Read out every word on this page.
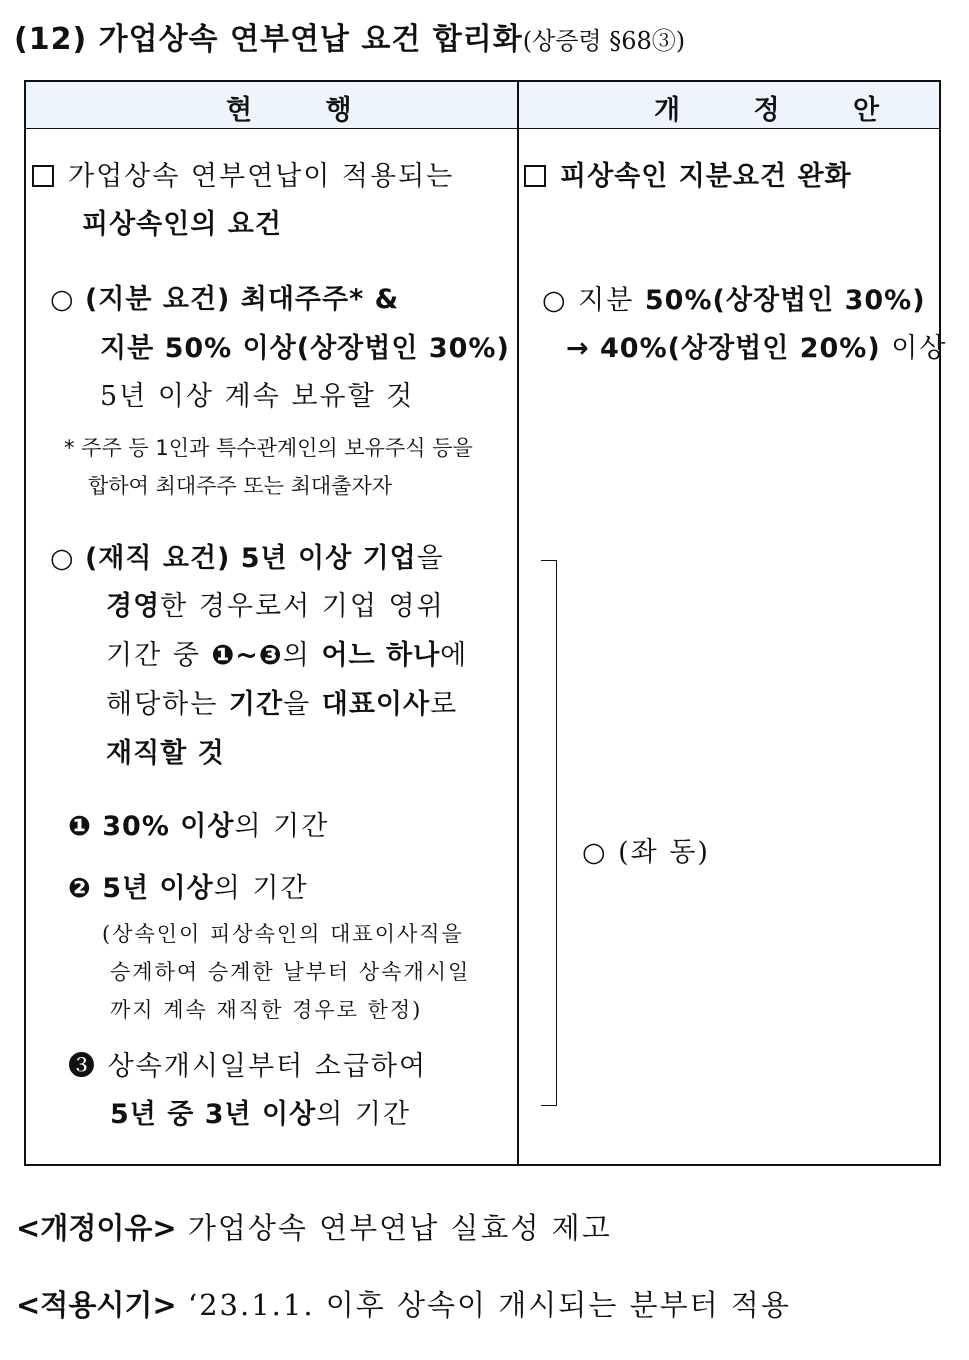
(12) 가업상속 연부연납 요건 합리화(상증령 §68③)
현 행	개 정 안
가업상속 연부연납이 적용되는
피상속인의 요건
○ (지분 요건) 최대주주* &
지분 50% 이상(상장법인 30%)
5년 이상 계속 보유할 것
* 주주 등 1인과 특수관계인의 보유주식 등을
합하여 최대주주 또는 최대출자자
○ (재직 요건) 5년 이상 기업을
경영한 경우로서 기업 영위
기간 중 ❶~❸의 어느 하나에
해당하는 기간을 대표이사로
재직할 것
❶ 30% 이상의 기간
❷ 5년 이상의 기간
(상속인이 피상속인의 대표이사직을
승계하여 승계한 날부터 상속개시일
까지 계속 재직한 경우로 한정)
❸ 상속개시일부터 소급하여
5년 중 3년 이상의 기간
피상속인 지분요건 완화
○ 지분 50%(상장법인 30%)
→ 40%(상장법인 20%) 이상
○ (좌 동)
<개정이유> 가업상속 연부연납 실효성 제고
<적용시기> ‘23.1.1. 이후 상속이 개시되는 분부터 적용
